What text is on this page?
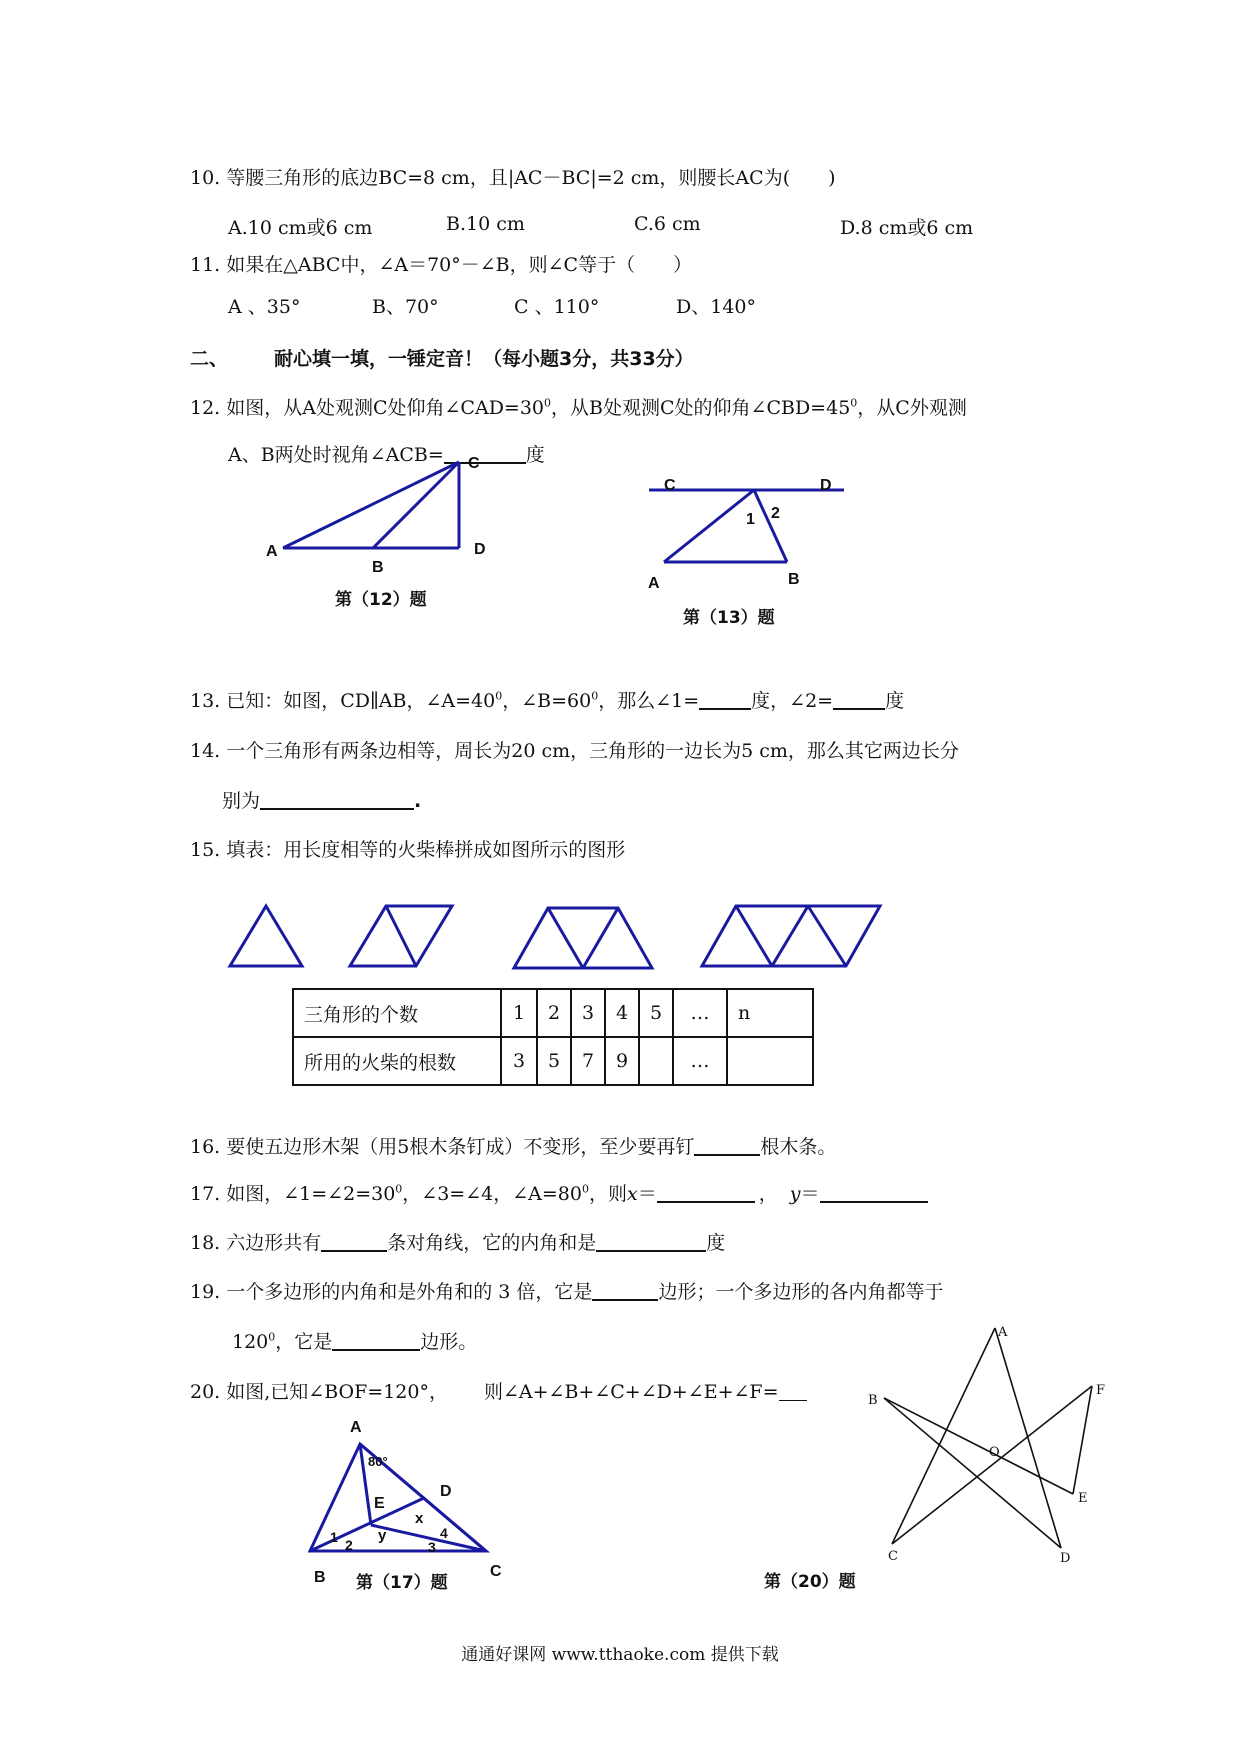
10. 等腰三角形的底边BC=8 cm，且|AC－BC|=2 cm，则腰长AC为(　　)
A.10 cm或6 cm	B.10 cm	C.6 cm	D.8 cm或6 cm
11. 如果在△ABC中，∠A＝70°－∠B，则∠C等于（　　）
A 、35°	B、70°	C 、110°	D、140°
二、 耐心填一填，一锤定音！（每小题3分，共33分）
12. 如图，从A处观测C处仰角$\angle CAD=30^0$，从B处观测C处的仰角$\angle CBD=45^0$，从C外观测
A、B两处时视角∠ACB=	度
C
A
B
D
第（12）题
C	D
1 2
A	B
第（13）题
13. 已知：如图，CD∥AB，$\angle A=40^0$，$\angle B=60^0$，那么∠1=	度，∠2=	度
14. 一个三角形有两条边相等，周长为20 cm，三角形的一边长为5 cm，那么其它两边长分
别为	.
15. 填表：用长度相等的火柴棒拼成如图所示的图形
三角形的个数	1	2	3	4	5	…	n
所用的火柴的根数	3	5	7	9		…	
16. 要使五边形木架（用5根木条钉成）不变形，至少要再钉	根木条。
17. 如图，$\angle 1=\angle 2=30^0$，∠3=∠4，$\angle A=80^0$，则x＝	， y＝
18. 六边形共有	条对角线，它的内角和是	度
19. 一个多边形的内角和是外角和的 3 倍，它是	边形；一个多边形的各内角都等于
$120^0$，它是	边形。
20. 如图,已知∠BOF=120°， 则∠A+∠B+∠C+∠D+∠E+∠F=
A
80°
D
E
x
1	y	4
2	3
B	C
第（17）题
A
B
F
O
E
C	D
第（20）题
通通好课网 www.tthaoke.com 提供下载
